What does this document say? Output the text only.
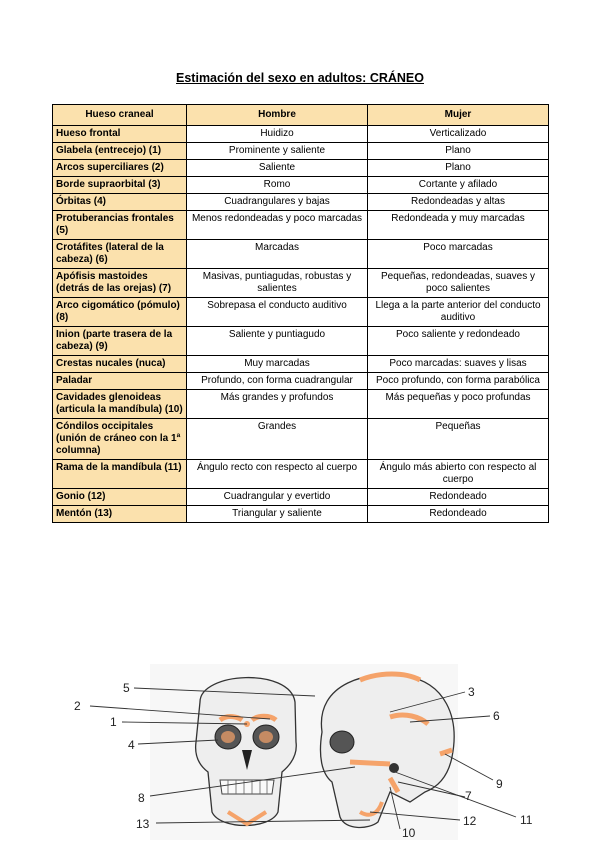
Estimación del sexo en adultos: CRÁNEO
Hueso craneal	Hombre	Mujer
Hueso frontal	Huidizo	Verticalizado
Glabela (entrecejo) (1)	Prominente y saliente	Plano
Arcos superciliares (2)	Saliente	Plano
Borde supraorbital (3)	Romo	Cortante y afilado
Órbitas (4)	Cuadrangulares y bajas	Redondeadas y altas
Protuberancias frontales (5)	Menos redondeadas y poco marcadas	Redondeada y muy marcadas
Crotáfites (lateral de la cabeza) (6)	Marcadas	Poco marcadas
Apófisis mastoides (detrás de las orejas) (7)	Masivas, puntiagudas, robustas y salientes	Pequeñas, redondeadas, suaves y poco salientes
Arco cigomático (pómulo) (8)	Sobrepasa el conducto auditivo	Llega a la parte anterior del conducto auditivo
Inion (parte trasera de la cabeza) (9)	Saliente y puntiagudo	Poco saliente y redondeado
Crestas nucales (nuca)	Muy marcadas	Poco marcadas: suaves y lisas
Paladar	Profundo, con forma cuadrangular	Poco profundo, con forma parabólica
Cavidades glenoideas (articula la mandíbula) (10)	Más grandes y profundos	Más pequeñas y poco profundas
Cóndilos occipitales (unión de cráneo con la 1ª columna)	Grandes	Pequeñas
Rama de la mandíbula (11)	Ángulo recto con respecto al cuerpo	Ángulo más abierto con respecto al cuerpo
Gonio (12)	Cuadrangular y evertido	Redondeado
Mentón (13)	Triangular y saliente	Redondeado
5
2
1
4
3
6
8
9
7
10
11
12
13
